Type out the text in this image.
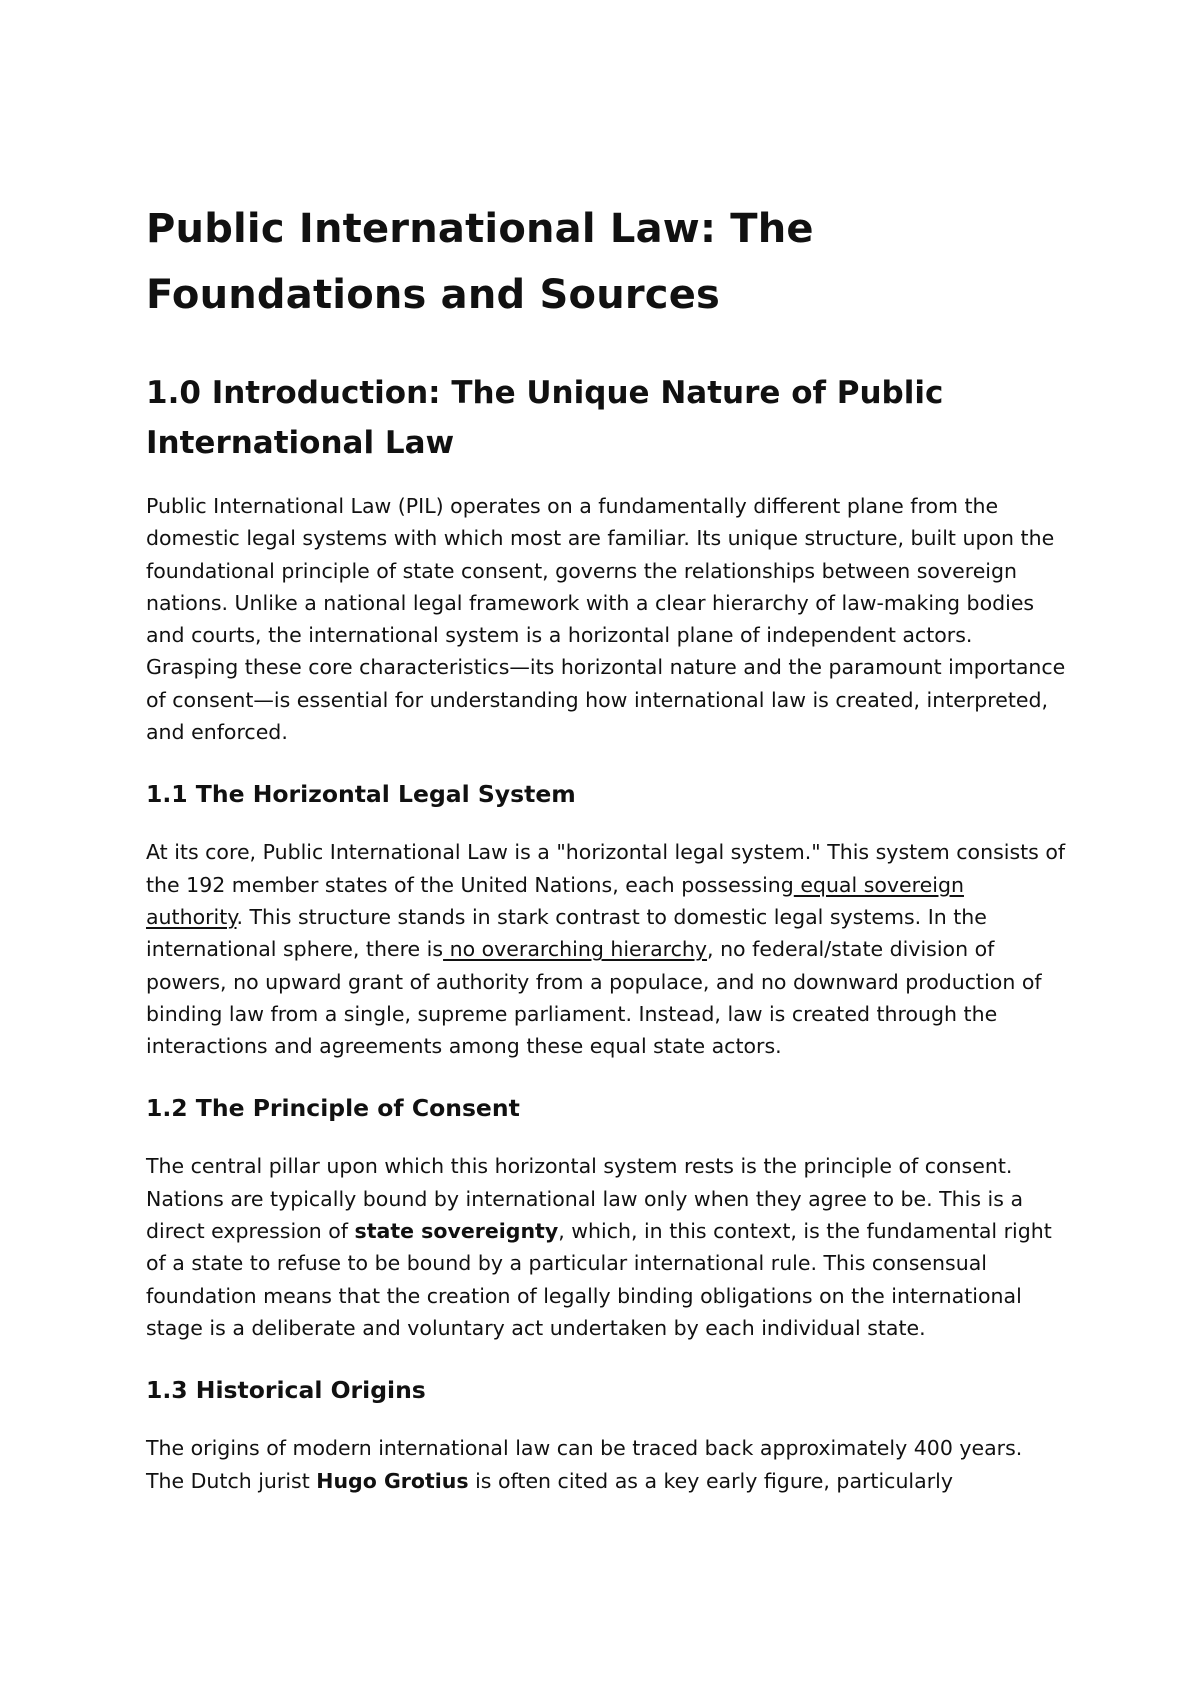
Public International Law: The Foundations and Sources
1.0 Introduction: The Unique Nature of Public International Law

Public International Law (PIL) operates on a fundamentally different plane from the domestic legal systems with which most are familiar. Its unique structure, built upon the foundational principle of state consent, governs the relationships between sovereign nations. Unlike a national legal framework with a clear hierarchy of law-making bodies and courts, the international system is a horizontal plane of independent actors. Grasping these core characteristics—its horizontal nature and the paramount importance of consent—is essential for understanding how international law is created, interpreted, and enforced.

1.1 The Horizontal Legal System

At its core, Public International Law is a "horizontal legal system." This system consists of the 192 member states of the United Nations, each possessing equal sovereign authority. This structure stands in stark contrast to domestic legal systems. In the international sphere, there is no overarching hierarchy, no federal/state division of powers, no upward grant of authority from a populace, and no downward production of binding law from a single, supreme parliament. Instead, law is created through the interactions and agreements among these equal state actors.

1.2 The Principle of Consent

The central pillar upon which this horizontal system rests is the principle of consent. Nations are typically bound by international law only when they agree to be. This is a direct expression of state sovereignty, which, in this context, is the fundamental right of a state to refuse to be bound by a particular international rule. This consensual foundation means that the creation of legally binding obligations on the international stage is a deliberate and voluntary act undertaken by each individual state.

1.3 Historical Origins

The origins of modern international law can be traced back approximately 400 years. The Dutch jurist Hugo Grotius is often cited as a key early figure, particularly
